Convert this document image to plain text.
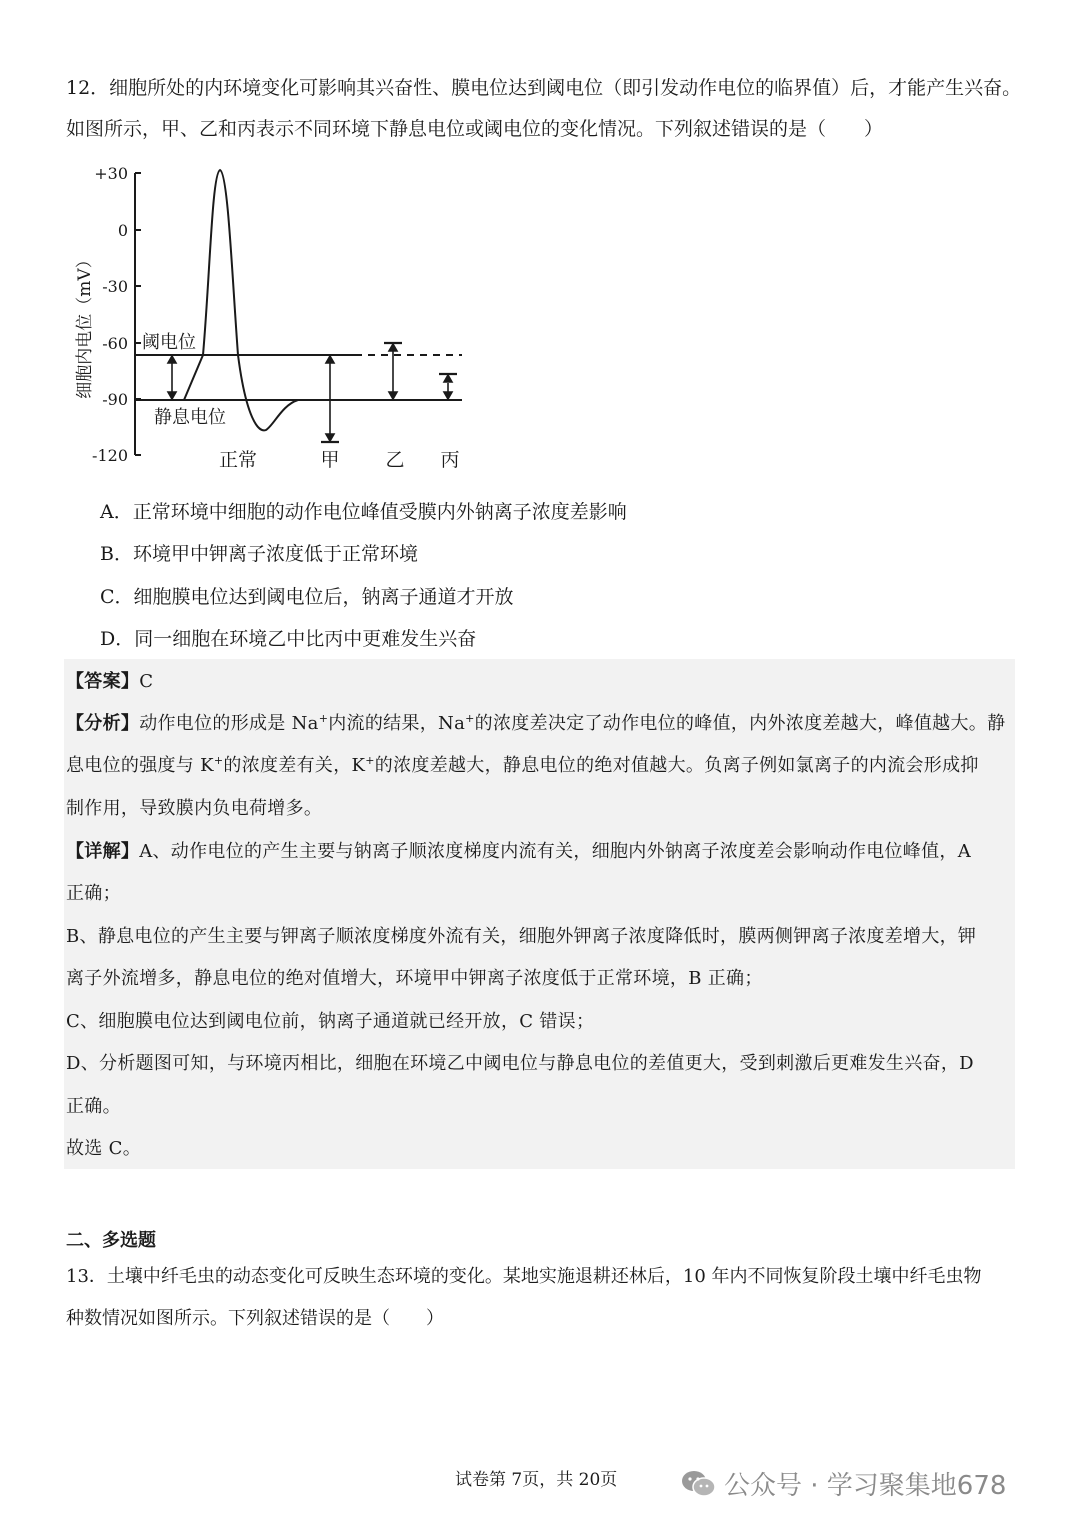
12．细胞所处的内环境变化可影响其兴奋性、膜电位达到阈电位（即引发动作电位的临界值）后，才能产生兴奋。
如图所示，甲、乙和丙表示不同环境下静息电位或阈电位的变化情况。下列叙述错误的是（　　）
细胞内电位（mV）
+30
0
-30
-60
-90
-120
阈电位
静息电位
正常	甲 乙 丙
A．正常环境中细胞的动作电位峰值受膜内外钠离子浓度差影响
B．环境甲中钾离子浓度低于正常环境
C．细胞膜电位达到阈电位后，钠离子通道才开放
D．同一细胞在环境乙中比丙中更难发生兴奋
【答案】C
【分析】动作电位的形成是 Na+内流的结果，Na+的浓度差决定了动作电位的峰值，内外浓度差越大，峰值越大。静
息电位的强度与 K+的浓度差有关，K+的浓度差越大，静息电位的绝对值越大。负离子例如氯离子的内流会形成抑
制作用，导致膜内负电荷增多。
【详解】A、动作电位的产生主要与钠离子顺浓度梯度内流有关，细胞内外钠离子浓度差会影响动作电位峰值，A
正确；
B、静息电位的产生主要与钾离子顺浓度梯度外流有关，细胞外钾离子浓度降低时，膜两侧钾离子浓度差增大，钾
离子外流增多，静息电位的绝对值增大，环境甲中钾离子浓度低于正常环境，B 正确；
C、细胞膜电位达到阈电位前，钠离子通道就已经开放，C 错误；
D、分析题图可知，与环境丙相比，细胞在环境乙中阈电位与静息电位的差值更大，受到刺激后更难发生兴奋，D
正确。
故选 C。
二、多选题
13．土壤中纤毛虫的动态变化可反映生态环境的变化。某地实施退耕还林后，10 年内不同恢复阶段土壤中纤毛虫物
种数情况如图所示。下列叙述错误的是（　　）
试卷第 7页，共 20页	公众号 · 学习聚集地678
